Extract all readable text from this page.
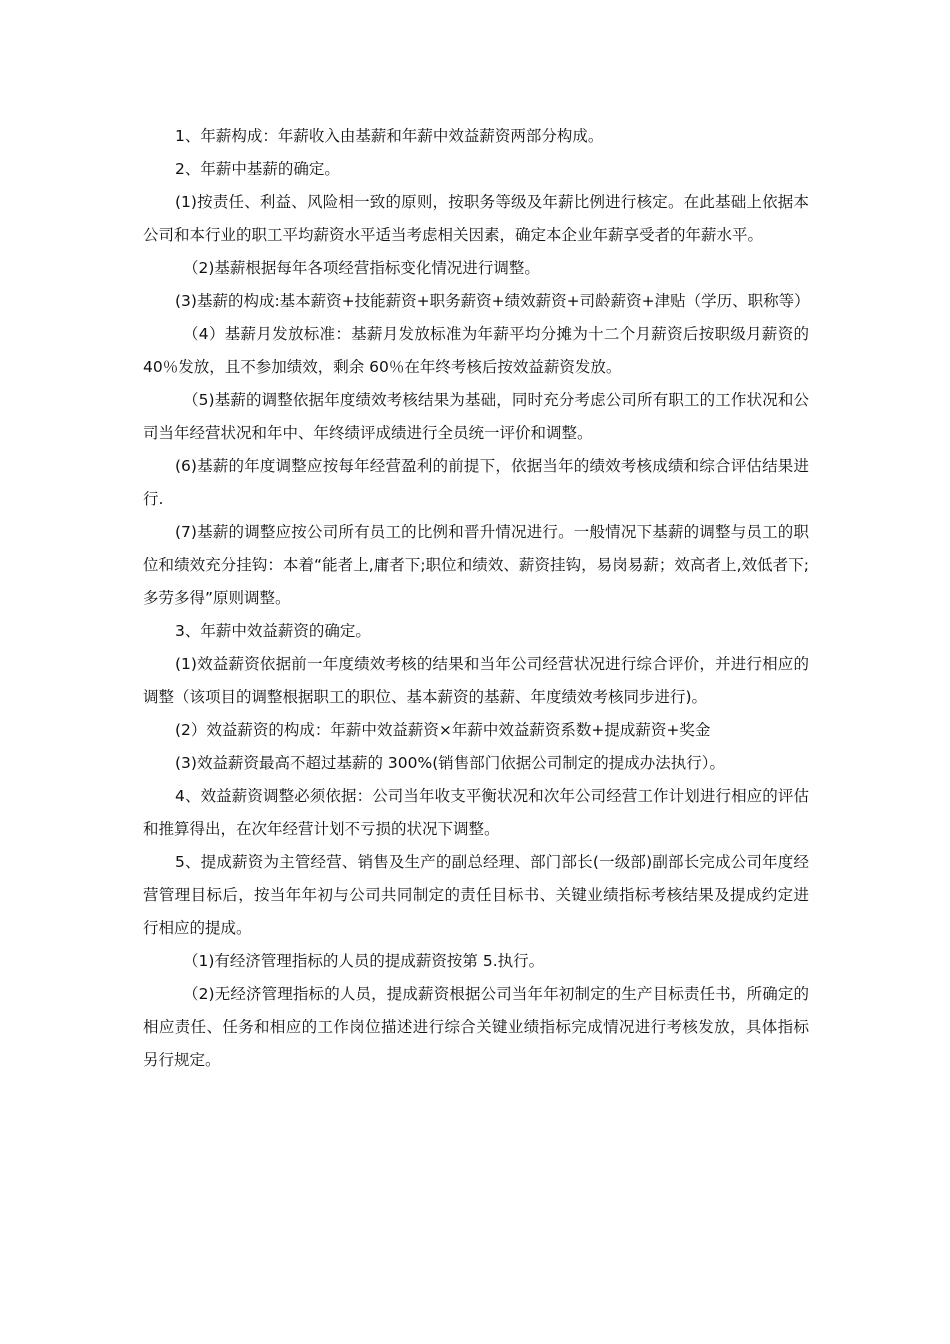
1、年薪构成：年薪收入由基薪和年薪中效益薪资两部分构成。

2、年薪中基薪的确定。

(1)按责任、利益、风险相一致的原则，按职务等级及年薪比例进行核定。在此基础上依据本公司和本行业的职工平均薪资水平适当考虑相关因素，确定本企业年薪享受者的年薪水平。

（2)基薪根据每年各项经营指标变化情况进行调整。

(3)基薪的构成:基本薪资+技能薪资+职务薪资+绩效薪资+司龄薪资+津贴（学历、职称等）

（4）基薪月发放标准：基薪月发放标准为年薪平均分摊为十二个月薪资后按职级月薪资的 40％发放，且不参加绩效，剩余 60％在年终考核后按效益薪资发放。

（5)基薪的调整依据年度绩效考核结果为基础，同时充分考虑公司所有职工的工作状况和公司当年经营状况和年中、年终绩评成绩进行全员统一评价和调整。

(6)基薪的年度调整应按每年经营盈利的前提下，依据当年的绩效考核成绩和综合评估结果进行.

(7)基薪的调整应按公司所有员工的比例和晋升情况进行。一般情况下基薪的调整与员工的职位和绩效充分挂钩：本着“能者上,庸者下;职位和绩效、薪资挂钩，易岗易薪；效高者上,效低者下;多劳多得”原则调整。

3、年薪中效益薪资的确定。

(1)效益薪资依据前一年度绩效考核的结果和当年公司经营状况进行综合评价，并进行相应的调整（该项目的调整根据职工的职位、基本薪资的基薪、年度绩效考核同步进行)。

(2）效益薪资的构成：年薪中效益薪资×年薪中效益薪资系数+提成薪资+奖金

(3)效益薪资最高不超过基薪的 300%(销售部门依据公司制定的提成办法执行）。

4、效益薪资调整必须依据：公司当年收支平衡状况和次年公司经营工作计划进行相应的评估和推算得出，在次年经营计划不亏损的状况下调整。

5、提成薪资为主管经营、销售及生产的副总经理、部门部长(一级部)副部长完成公司年度经营管理目标后，按当年年初与公司共同制定的责任目标书、关键业绩指标考核结果及提成约定进行相应的提成。

（1)有经济管理指标的人员的提成薪资按第 5.执行。

（2)无经济管理指标的人员，提成薪资根据公司当年年初制定的生产目标责任书，所确定的相应责任、任务和相应的工作岗位描述进行综合关键业绩指标完成情况进行考核发放，具体指标另行规定。
